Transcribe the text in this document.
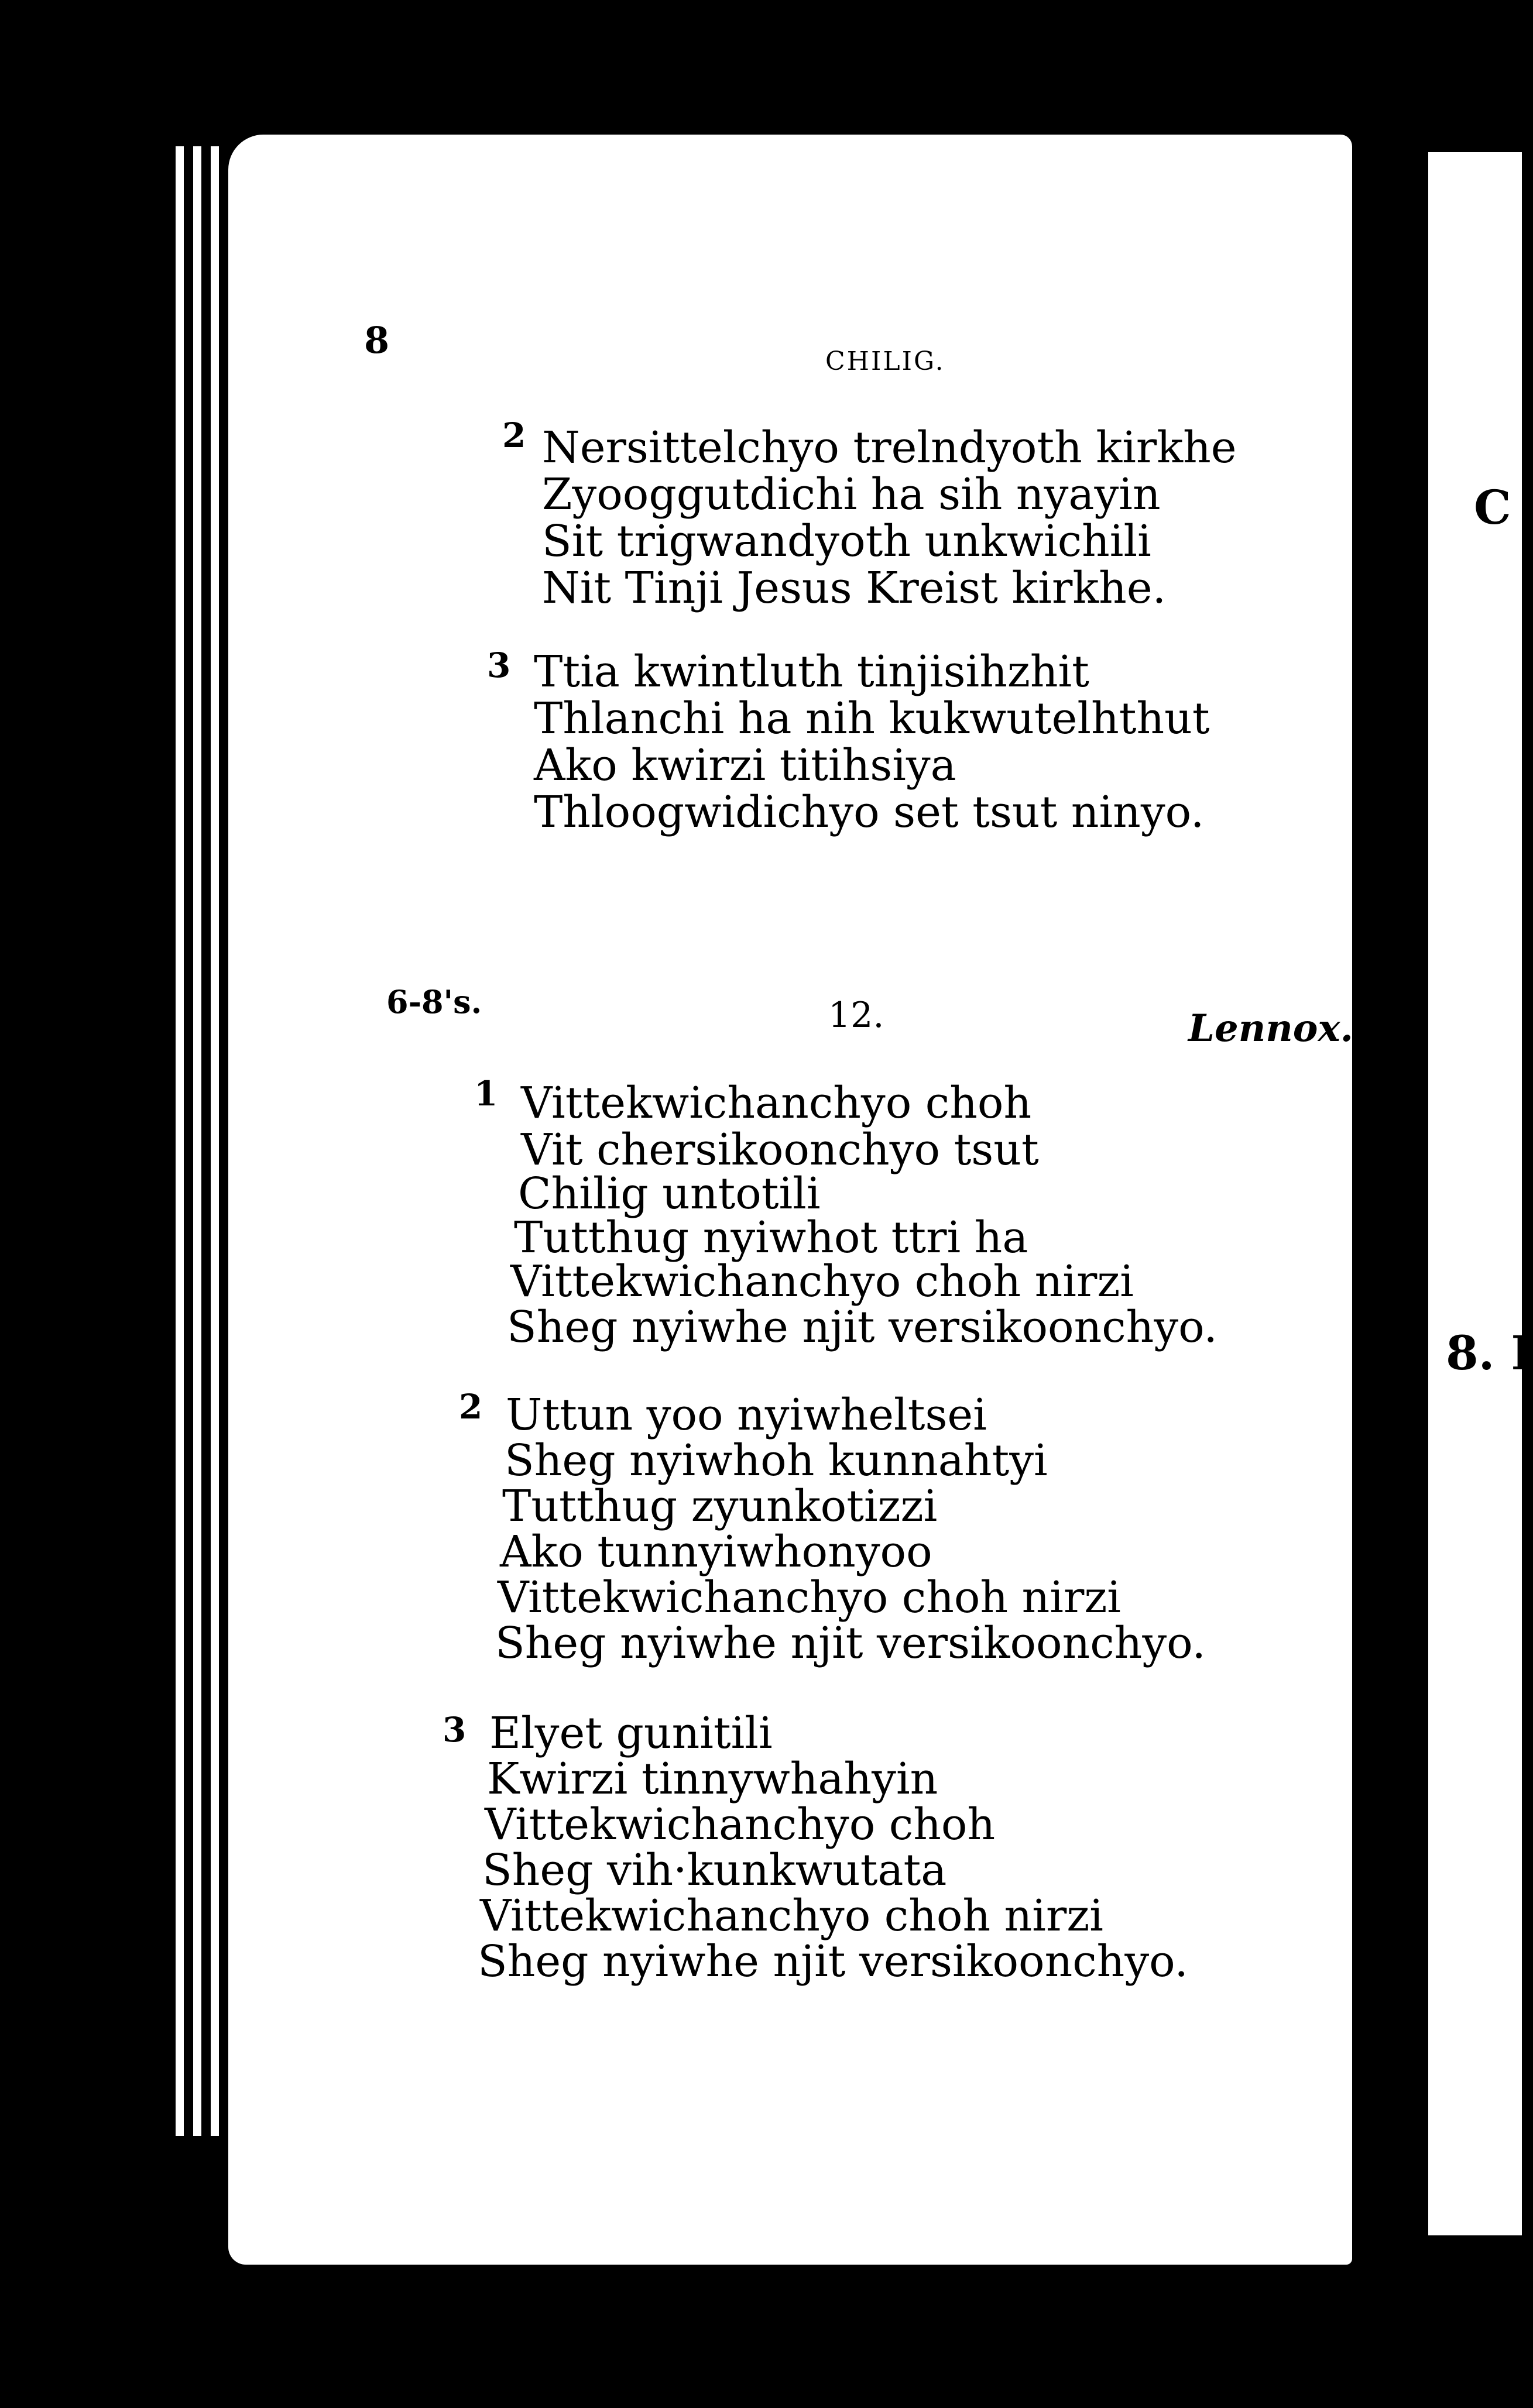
8	CHILIG.
2 Nersittelchyo trelndyoth kirkhe
Zyooggutdichi ha sih nyayin
Sit trigwandyoth unkwichili
Nit Tinji Jesus Kreist kirkhe.
3 Ttia kwintluth tinjisihzhit
Thlanchi ha nih kukwutelhthut
Ako kwirzi titihsiya
Thloogwidichyo set tsut ninyo.
6-8's.	12.	Lennox.
1 Vittekwichanchyo choh
Vit chersikoonchyo tsut
Chilig untotili
Tutthug nyiwhot ttri ha
Vittekwichanchyo choh nirzi
Sheg nyiwhe njit versikoonchyo.
2 Uttun yoo nyiwheltsei
Sheg nyiwhoh kunnahtyi
Tutthug zyunkotizzi
Ako tunnyiwhonyoo
Vittekwichanchyo choh nirzi
Sheg nyiwhe njit versikoonchyo.
3 Elyet gunitili
Kwirzi tinnywhahyin
Vittekwichanchyo choh
Sheg vih·kunkwutata
Vittekwichanchyo choh nirzi
Sheg nyiwhe njit versikoonchyo.
C
8. I
